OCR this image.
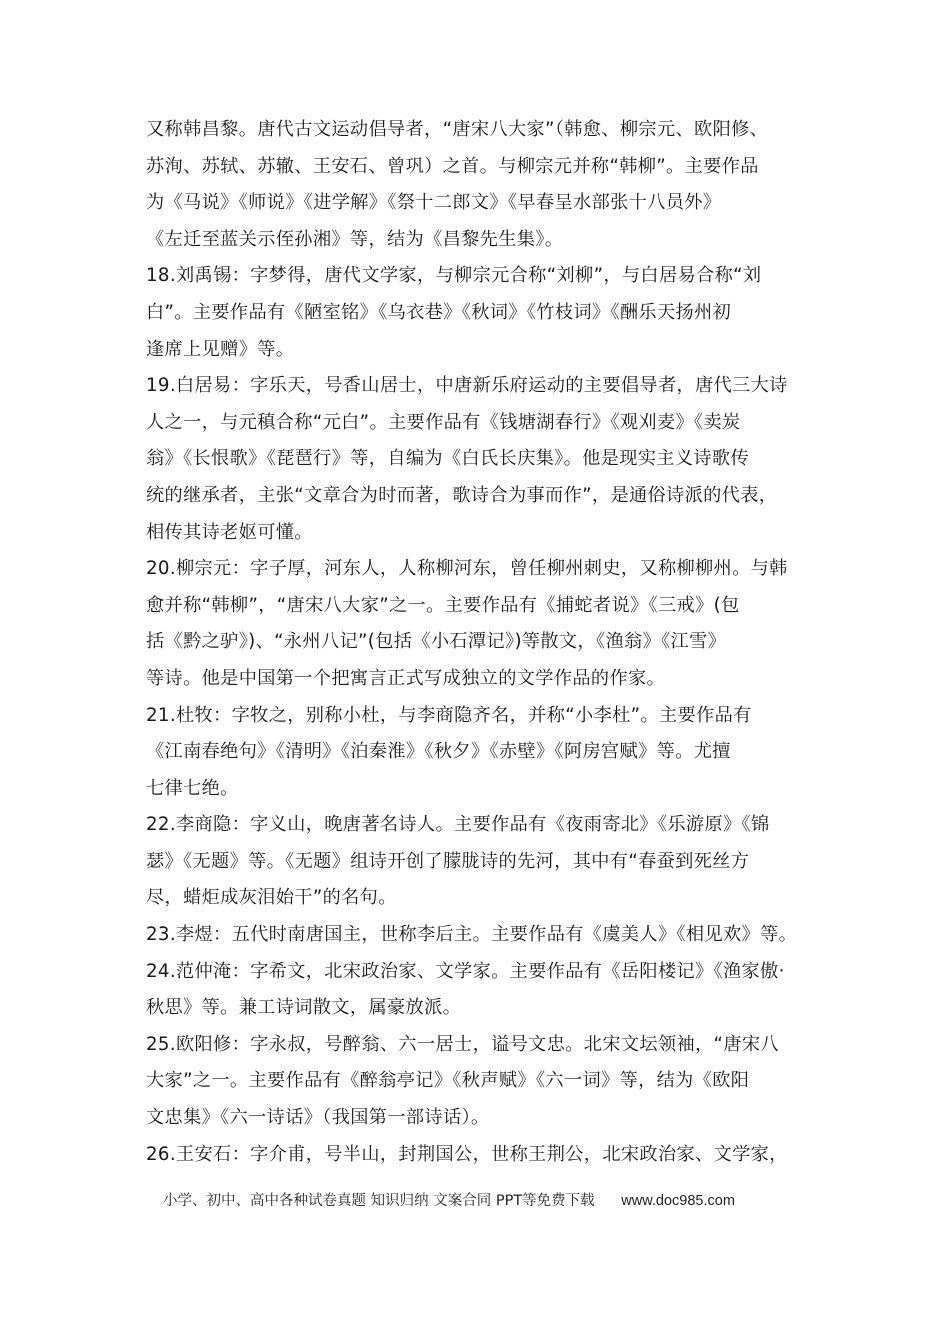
又称韩昌黎。唐代古文运动倡导者，“唐宋八大家”（韩愈、柳宗元、欧阳修、
苏洵、苏轼、苏辙、王安石、曾巩）之首。与柳宗元并称“韩柳”。主要作品
为《马说》《师说》《进学解》《祭十二郎文》《早春呈水部张十八员外》
《左迁至蓝关示侄孙湘》等，结为《昌黎先生集》。
18.刘禹锡：字梦得，唐代文学家，与柳宗元合称“刘柳”，与白居易合称“刘
白”。主要作品有《陋室铭》《乌衣巷》《秋词》《竹枝词》《酬乐天扬州初
逢席上见赠》等。
19.白居易：字乐天，号香山居士，中唐新乐府运动的主要倡导者，唐代三大诗
人之一，与元稹合称“元白”。主要作品有《钱塘湖春行》《观刈麦》《卖炭
翁》《长恨歌》《琵琶行》等，自编为《白氏长庆集》。他是现实主义诗歌传
统的继承者，主张“文章合为时而著，歌诗合为事而作”，是通俗诗派的代表，
相传其诗老妪可懂。
20.柳宗元：字子厚，河东人，人称柳河东，曾任柳州刺史，又称柳柳州。与韩
愈并称“韩柳”，“唐宋八大家”之一。主要作品有《捕蛇者说》《三戒》(包
括《黔之驴》)、“永州八记”(包括《小石潭记》)等散文，《渔翁》《江雪》
等诗。他是中国第一个把寓言正式写成独立的文学作品的作家。
21.杜牧：字牧之，别称小杜，与李商隐齐名，并称“小李杜”。主要作品有
《江南春绝句》《清明》《泊秦淮》《秋夕》《赤壁》《阿房宫赋》等。尤擅
七律七绝。
22.李商隐：字义山，晚唐著名诗人。主要作品有《夜雨寄北》《乐游原》《锦
瑟》《无题》等。《无题》组诗开创了朦胧诗的先河，其中有“春蚕到死丝方
尽，蜡炬成灰泪始干”的名句。
23.李煜：五代时南唐国主，世称李后主。主要作品有《虞美人》《相见欢》等。
24.范仲淹：字希文，北宋政治家、文学家。主要作品有《岳阳楼记》《渔家傲·
秋思》等。兼工诗词散文，属豪放派。
25.欧阳修：字永叔，号醉翁、六一居士，谥号文忠。北宋文坛领袖，“唐宋八
大家”之一。主要作品有《醉翁亭记》《秋声赋》《六一词》等，结为《欧阳
文忠集》《六一诗话》（我国第一部诗话）。
26.王安石：字介甫，号半山，封荆国公，世称王荆公，北宋政治家、文学家，
小学、初中、高中各种试卷真题 知识归纳 文案合同 PPT等免费下载 www.doc985.com
